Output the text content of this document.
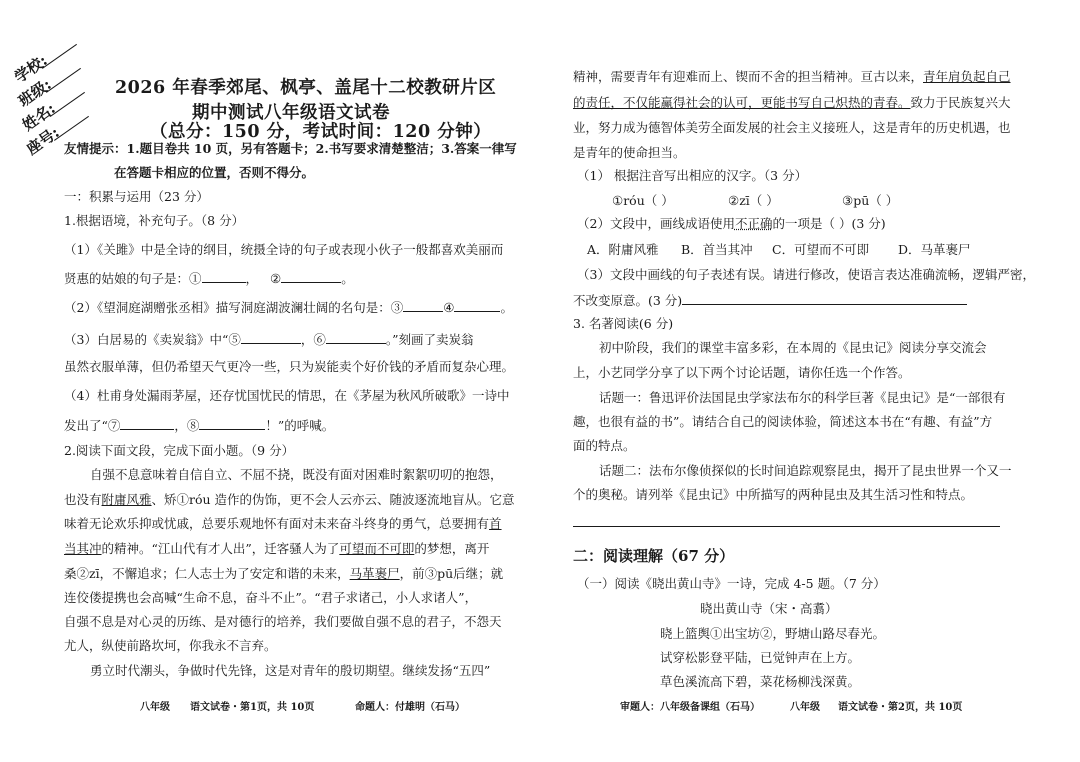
学校:
班级:
姓名:
座号:
2026 年春季郊尾、枫亭、盖尾十二校教研片区
期中测试八年级语文试卷
（总分：150 分，考试时间：120 分钟）
友情提示：1.题目卷共 10 页，另有答题卡；2.书写要求清楚整洁；3.答案一律写
在答题卡相应的位置，否则不得分。
一：积累与运用（23 分）
1.根据语境，补充句子。（8 分）
（1）《关雎》中是全诗的纲目，统摄全诗的句子或表现小伙子一般都喜欢美丽而
贤惠的姑娘的句子是：①	， ②	。
（2）《望洞庭湖赠张丞相》描写洞庭湖波澜壮阔的名句是：③	④	。
（3）白居易的《卖炭翁》中“⑤	，⑥	。”刻画了卖炭翁
虽然衣服单薄，但仍希望天气更冷一些，只为炭能卖个好价钱的矛盾而复杂心理。
（4）杜甫身处漏雨茅屋，还存忧国忧民的情思，在《茅屋为秋风所破歌》一诗中
发出了“⑦	，⑧	！”的呼喊。
2.阅读下面文段，完成下面小题。（9 分）
自强不息意味着自信自立、不屈不挠，既没有面对困难时絮絮叨叨的抱怨，
也没有附庸风雅、矫①róu 造作的伪饰，更不会人云亦云、随波逐流地盲从。它意
味着无论欢乐抑或忧戚，总要乐观地怀有面对未来奋斗终身的勇气，总要拥有首
当其冲的精神。“江山代有才人出”，迁客骚人为了可望而不可即的梦想，离开
桑②zī，不懈追求；仁人志士为了安定和谐的未来，马革裹尸，前③pū后继；就
连佼偻提携也会高喊“生命不息，奋斗不止”。“君子求诸己，小人求诸人”，
自强不息是对心灵的历练、是对德行的培养，我们要做自强不息的君子，不怨天
尤人，纵使前路坎坷，你我永不言弃。
勇立时代潮头，争做时代先锋，这是对青年的殷切期望。继续发扬“五四”
八年级 语文试卷・第1页，共 10页	命题人：付雄明（石马）
精神，需要青年有迎难而上、锲而不舍的担当精神。亘古以来，青年肩负起自己
的责任，不仅能赢得社会的认可，更能书写自己炽热的青春。致力于民族复兴大
业，努力成为德智体美劳全面发展的社会主义接班人，这是青年的历史机遇，也
是青年的使命担当。
（1） 根据注音写出相应的汉字。（3 分）
①róu（ ）	②zī（ ）	③pū（ ）
（2）文段中，画线成语使用不正确的一项是（ ）(3 分)
A．附庸风雅 B．首当其冲 C．可望而不可即 D．马革裹尸
（3）文段中画线的句子表述有误。请进行修改，使语言表达准确流畅，逻辑严密，
不改变原意。(3 分)
3. 名著阅读(6 分)
初中阶段，我们的课堂丰富多彩，在本周的《昆虫记》阅读分享交流会
上，小艺同学分享了以下两个讨论话题，请你任选一个作答。
话题一：鲁迅评价法国昆虫学家法布尔的科学巨著《昆虫记》是“一部很有
趣，也很有益的书”。请结合自己的阅读体验，简述这本书在“有趣、有益”方
面的特点。
话题二：法布尔像侦探似的长时间追踪观察昆虫，揭开了昆虫世界一个又一
个的奥秘。请列举《昆虫记》中所描写的两种昆虫及其生活习性和特点。
二：阅读理解（67 分）
（一）阅读《晓出黄山寺》一诗，完成 4-5 题。（7 分）
晓出黄山寺（宋・高翥）
晓上篮舆①出宝坊②，野塘山路尽春光。
试穿松影登平陆，已觉钟声在上方。
草色溪流高下碧，菜花杨柳浅深黄。
审题人：八年级备课组（石马）	八年级 语文试卷・第2页，共 10页
